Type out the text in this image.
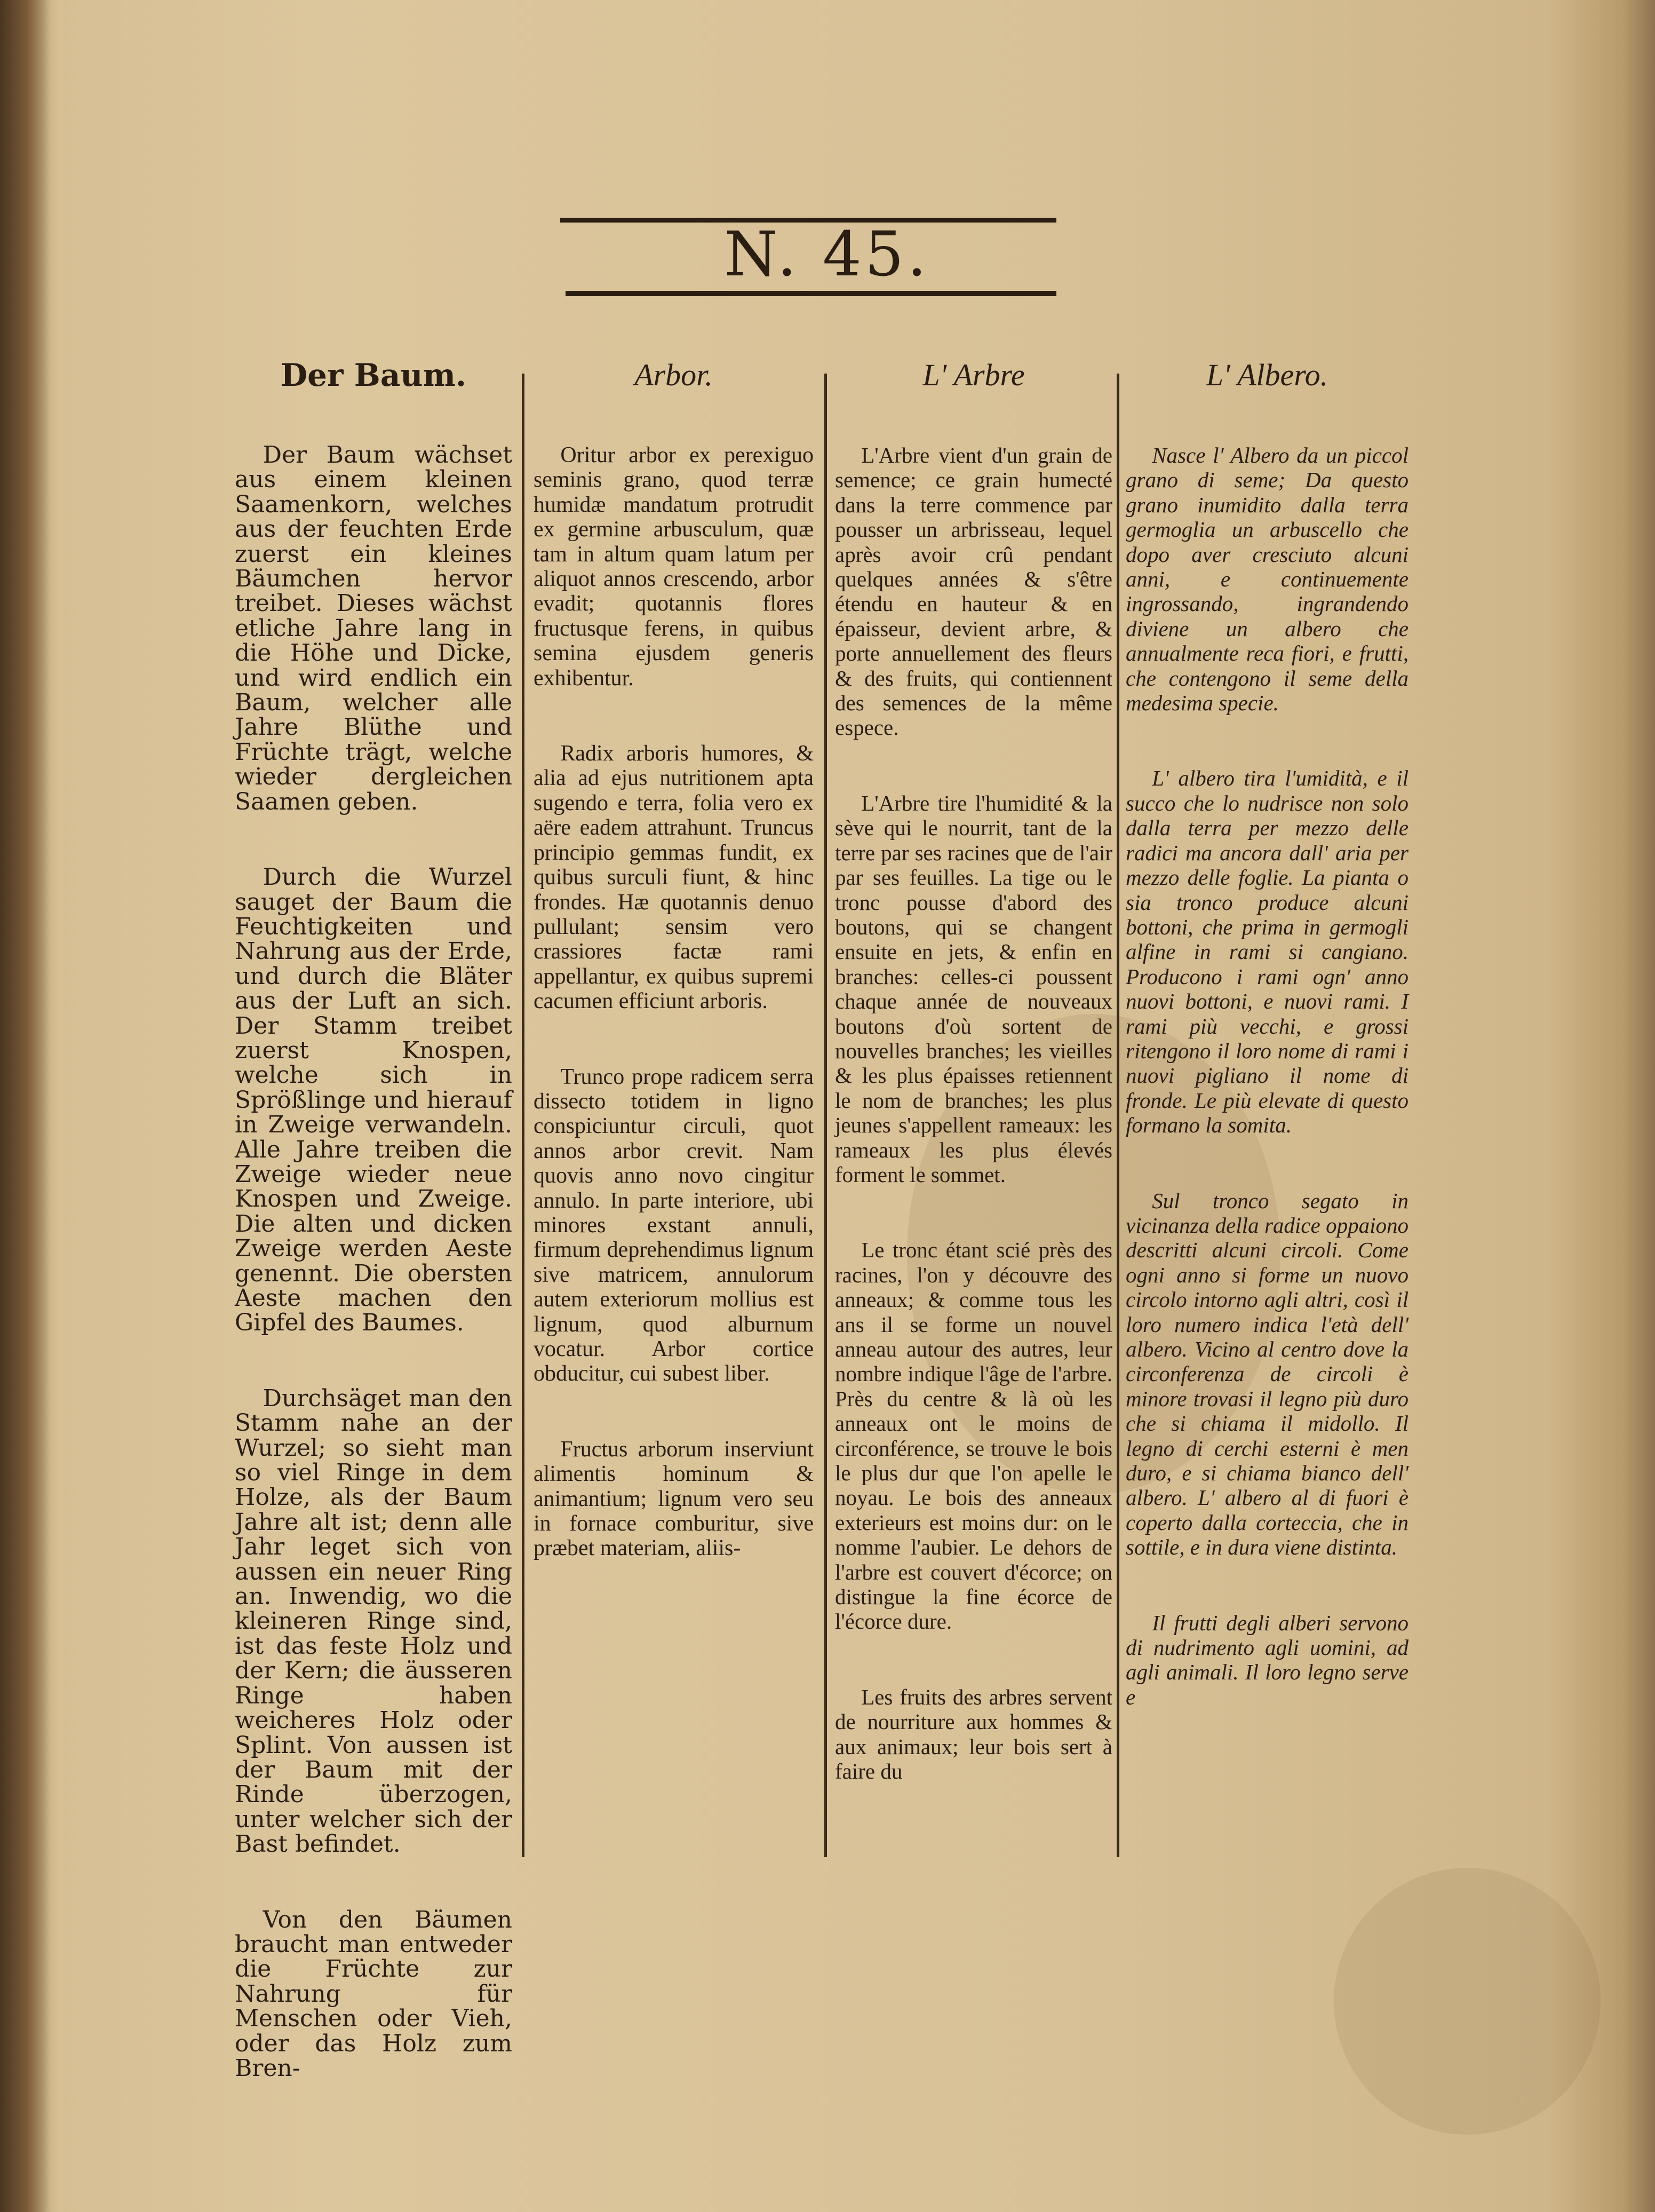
N. 45.
Der Baum.

Der Baum wächset aus einem kleinen Saamenkorn, welches aus der feuchten Erde zuerst ein kleines Bäumchen hervor treibet. Dieses wächst etliche Jahre lang in die Höhe und Dicke, und wird endlich ein Baum, welcher alle Jahre Blüthe und Früchte trägt, welche wieder dergleichen Saamen geben.

Durch die Wurzel sauget der Baum die Feuchtigkeiten und Nahrung aus der Erde, und durch die Bläter aus der Luft an sich. Der Stamm treibet zuerst Knospen, welche sich in Sprößlinge und hierauf in Zweige verwandeln. Alle Jahre treiben die Zweige wieder neue Knospen und Zweige. Die alten und dicken Zweige werden Aeste genennt. Die obersten Aeste machen den Gipfel des Baumes.

Durchsäget man den Stamm nahe an der Wurzel; so sieht man so viel Ringe in dem Holze, als der Baum Jahre alt ist; denn alle Jahr leget sich von aussen ein neuer Ring an. Inwendig, wo die kleineren Ringe sind, ist das feste Holz und der Kern; die äusseren Ringe haben weicheres Holz oder Splint. Von aussen ist der Baum mit der Rinde überzogen, unter welcher sich der Bast befindet.

Von den Bäumen braucht man entweder die Früchte zur Nahrung für Menschen oder Vieh, oder das Holz zum Bren-

Arbor.

Oritur arbor ex perexiguo seminis grano, quod terræ humidæ mandatum protrudit ex germine arbusculum, quæ tam in altum quam latum per aliquot annos crescendo, arbor evadit; quotannis flores fructusque ferens, in quibus semina ejusdem generis exhibentur.

Radix arboris humores, & alia ad ejus nutritionem apta sugendo e terra, folia vero ex aëre eadem attrahunt. Truncus principio gemmas fundit, ex quibus surculi fiunt, & hinc frondes. Hæ quotannis denuo pullulant; sensim vero crassiores factæ rami appellantur, ex quibus supremi cacumen efficiunt arboris.

Trunco prope radicem serra dissecto totidem in ligno conspiciuntur circuli, quot annos arbor crevit. Nam quovis anno novo cingitur annulo. In parte interiore, ubi minores exstant annuli, firmum deprehendimus lignum sive matricem, annulorum autem exteriorum mollius est lignum, quod alburnum vocatur. Arbor cortice obducitur, cui subest liber.

Fructus arborum inserviunt alimentis hominum & animantium; lignum vero seu in fornace comburitur, sive præbet materiam, aliis-

L' Arbre

L'Arbre vient d'un grain de semence; ce grain humecté dans la terre commence par pousser un arbrisseau, lequel après avoir crû pendant quelques années & s'être étendu en hauteur & en épaisseur, devient arbre, & porte annuellement des fleurs & des fruits, qui contiennent des semences de la même espece.

L'Arbre tire l'humidité & la sève qui le nourrit, tant de la terre par ses racines que de l'air par ses feuilles. La tige ou le tronc pousse d'abord des boutons, qui se changent ensuite en jets, & enfin en branches: celles-ci poussent chaque année de nouveaux boutons d'où sortent de nouvelles branches; les vieilles & les plus épaisses retiennent le nom de branches; les plus jeunes s'appellent rameaux: les rameaux les plus élevés forment le sommet.

Le tronc étant scié près des racines, l'on y découvre des anneaux; & comme tous les ans il se forme un nouvel anneau autour des autres, leur nombre indique l'âge de l'arbre. Près du centre & là où les anneaux ont le moins de circonférence, se trouve le bois le plus dur que l'on apelle le noyau. Le bois des anneaux exterieurs est moins dur: on le nomme l'aubier. Le dehors de l'arbre est couvert d'écorce; on distingue la fine écorce de l'écorce dure.

Les fruits des arbres servent de nourriture aux hommes & aux animaux; leur bois sert à faire du

L' Albero.

Nasce l' Albero da un piccol grano di seme; Da questo grano inumidito dalla terra germoglia un arbuscello che dopo aver cresciuto alcuni anni, e continuemente ingrossando, ingrandendo diviene un albero che annualmente reca fiori, e frutti, che contengono il seme della medesima specie.

L' albero tira l'umidità, e il succo che lo nudrisce non solo dalla terra per mezzo delle radici ma ancora dall' aria per mezzo delle foglie. La pianta o sia tronco produce alcuni bottoni, che prima in germogli alfine in rami si cangiano. Producono i rami ogn' anno nuovi bottoni, e nuovi rami. I rami più vecchi, e grossi ritengono il loro nome di rami i nuovi pigliano il nome di fronde. Le più elevate di questo formano la somita.

Sul tronco segato in vicinanza della radice oppaiono descritti alcuni circoli. Come ogni anno si forme un nuovo circolo intorno agli altri, così il loro numero indica l'età dell' albero. Vicino al centro dove la circonferenza de circoli è minore trovasi il legno più duro che si chiama il midollo. Il legno di cerchi esterni è men duro, e si chiama bianco dell' albero. L' albero al di fuori è coperto dalla corteccia, che in sottile, e in dura viene distinta.

Il frutti degli alberi servono di nudrimento agli uomini, ad agli animali. Il loro legno serve e
